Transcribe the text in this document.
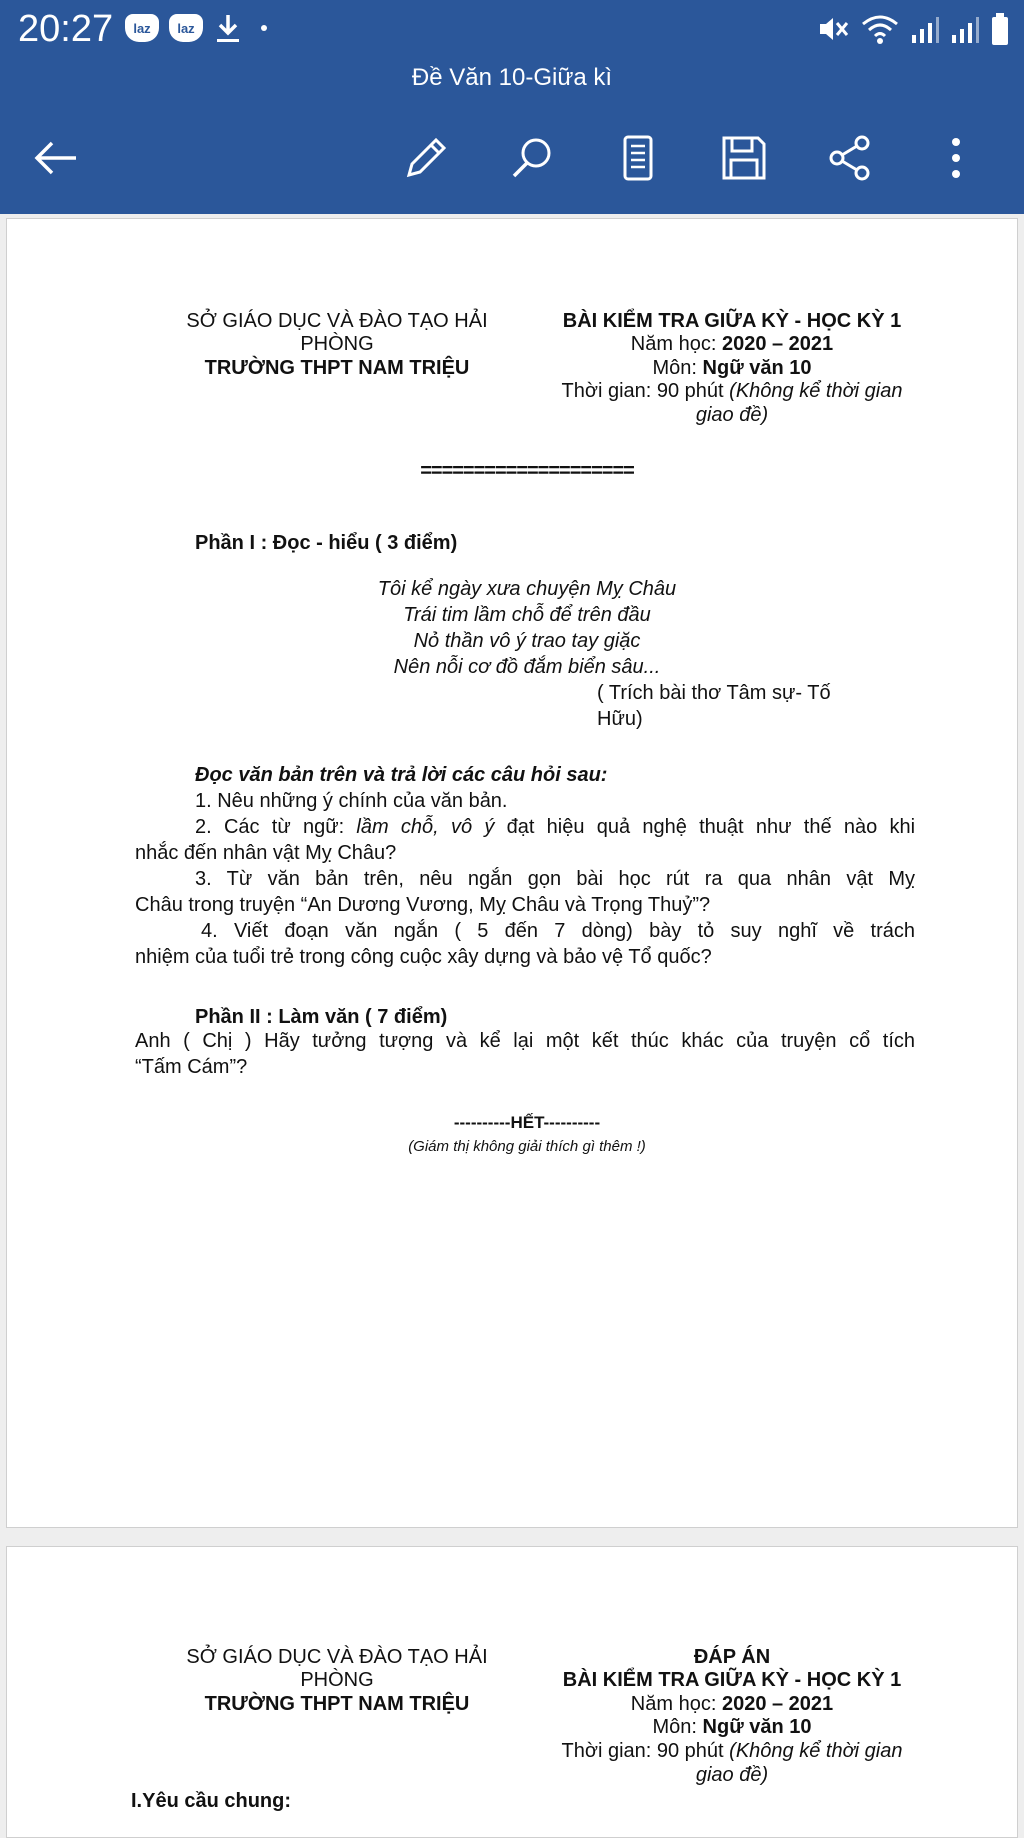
20:27	laz	laz
Đề Văn 10-Giữa kì
SỞ GIÁO DỤC VÀ ĐÀO TẠO HẢI
PHÒNG
TRƯỜNG THPT NAM TRIỆU
BÀI KIỂM TRA GIỮA KỲ - HỌC KỲ 1
Năm học: 2020 – 2021
Môn: Ngữ văn 10
Thời gian: 90 phút (Không kể thời gian
giao đề)
====================
Phần I : Đọc - hiểu ( 3 điểm)
Tôi kể ngày xưa chuyện Mỵ Châu
Trái tim lầm chỗ để trên đầu
Nỏ thần vô ý trao tay giặc
Nên nỗi cơ đồ đắm biển sâu...
( Trích bài thơ Tâm sự- Tố
Hữu)
Đọc văn bản trên và trả lời các câu hỏi sau:
1. Nêu những ý chính của văn bản.
2. Các từ ngữ: lầm chỗ, vô ý đạt hiệu quả nghệ thuật như thế nào khi
nhắc đến nhân vật Mỵ Châu?
3. Từ văn bản trên, nêu ngắn gọn bài học rút ra qua nhân vật Mỵ
Châu trong truyện “An Dương Vương, Mỵ Châu và Trọng Thuỷ”?
4. Viết đoạn văn ngắn ( 5 đến 7 dòng) bày tỏ suy nghĩ về trách
nhiệm của tuổi trẻ trong công cuộc xây dựng và bảo vệ Tổ quốc?
Phần II : Làm văn ( 7 điểm)
Anh ( Chị ) Hãy tưởng tượng và kể lại một kết thúc khác của truyện cổ tích
“Tấm Cám”?
----------HẾT----------
(Giám thị không giải thích gì thêm !)
SỞ GIÁO DỤC VÀ ĐÀO TẠO HẢI
PHÒNG
TRƯỜNG THPT NAM TRIỆU
ĐÁP ÁN
BÀI KIỂM TRA GIỮA KỲ - HỌC KỲ 1
Năm học: 2020 – 2021
Môn: Ngữ văn 10
Thời gian: 90 phút (Không kể thời gian
giao đề)
I.Yêu cầu chung:
